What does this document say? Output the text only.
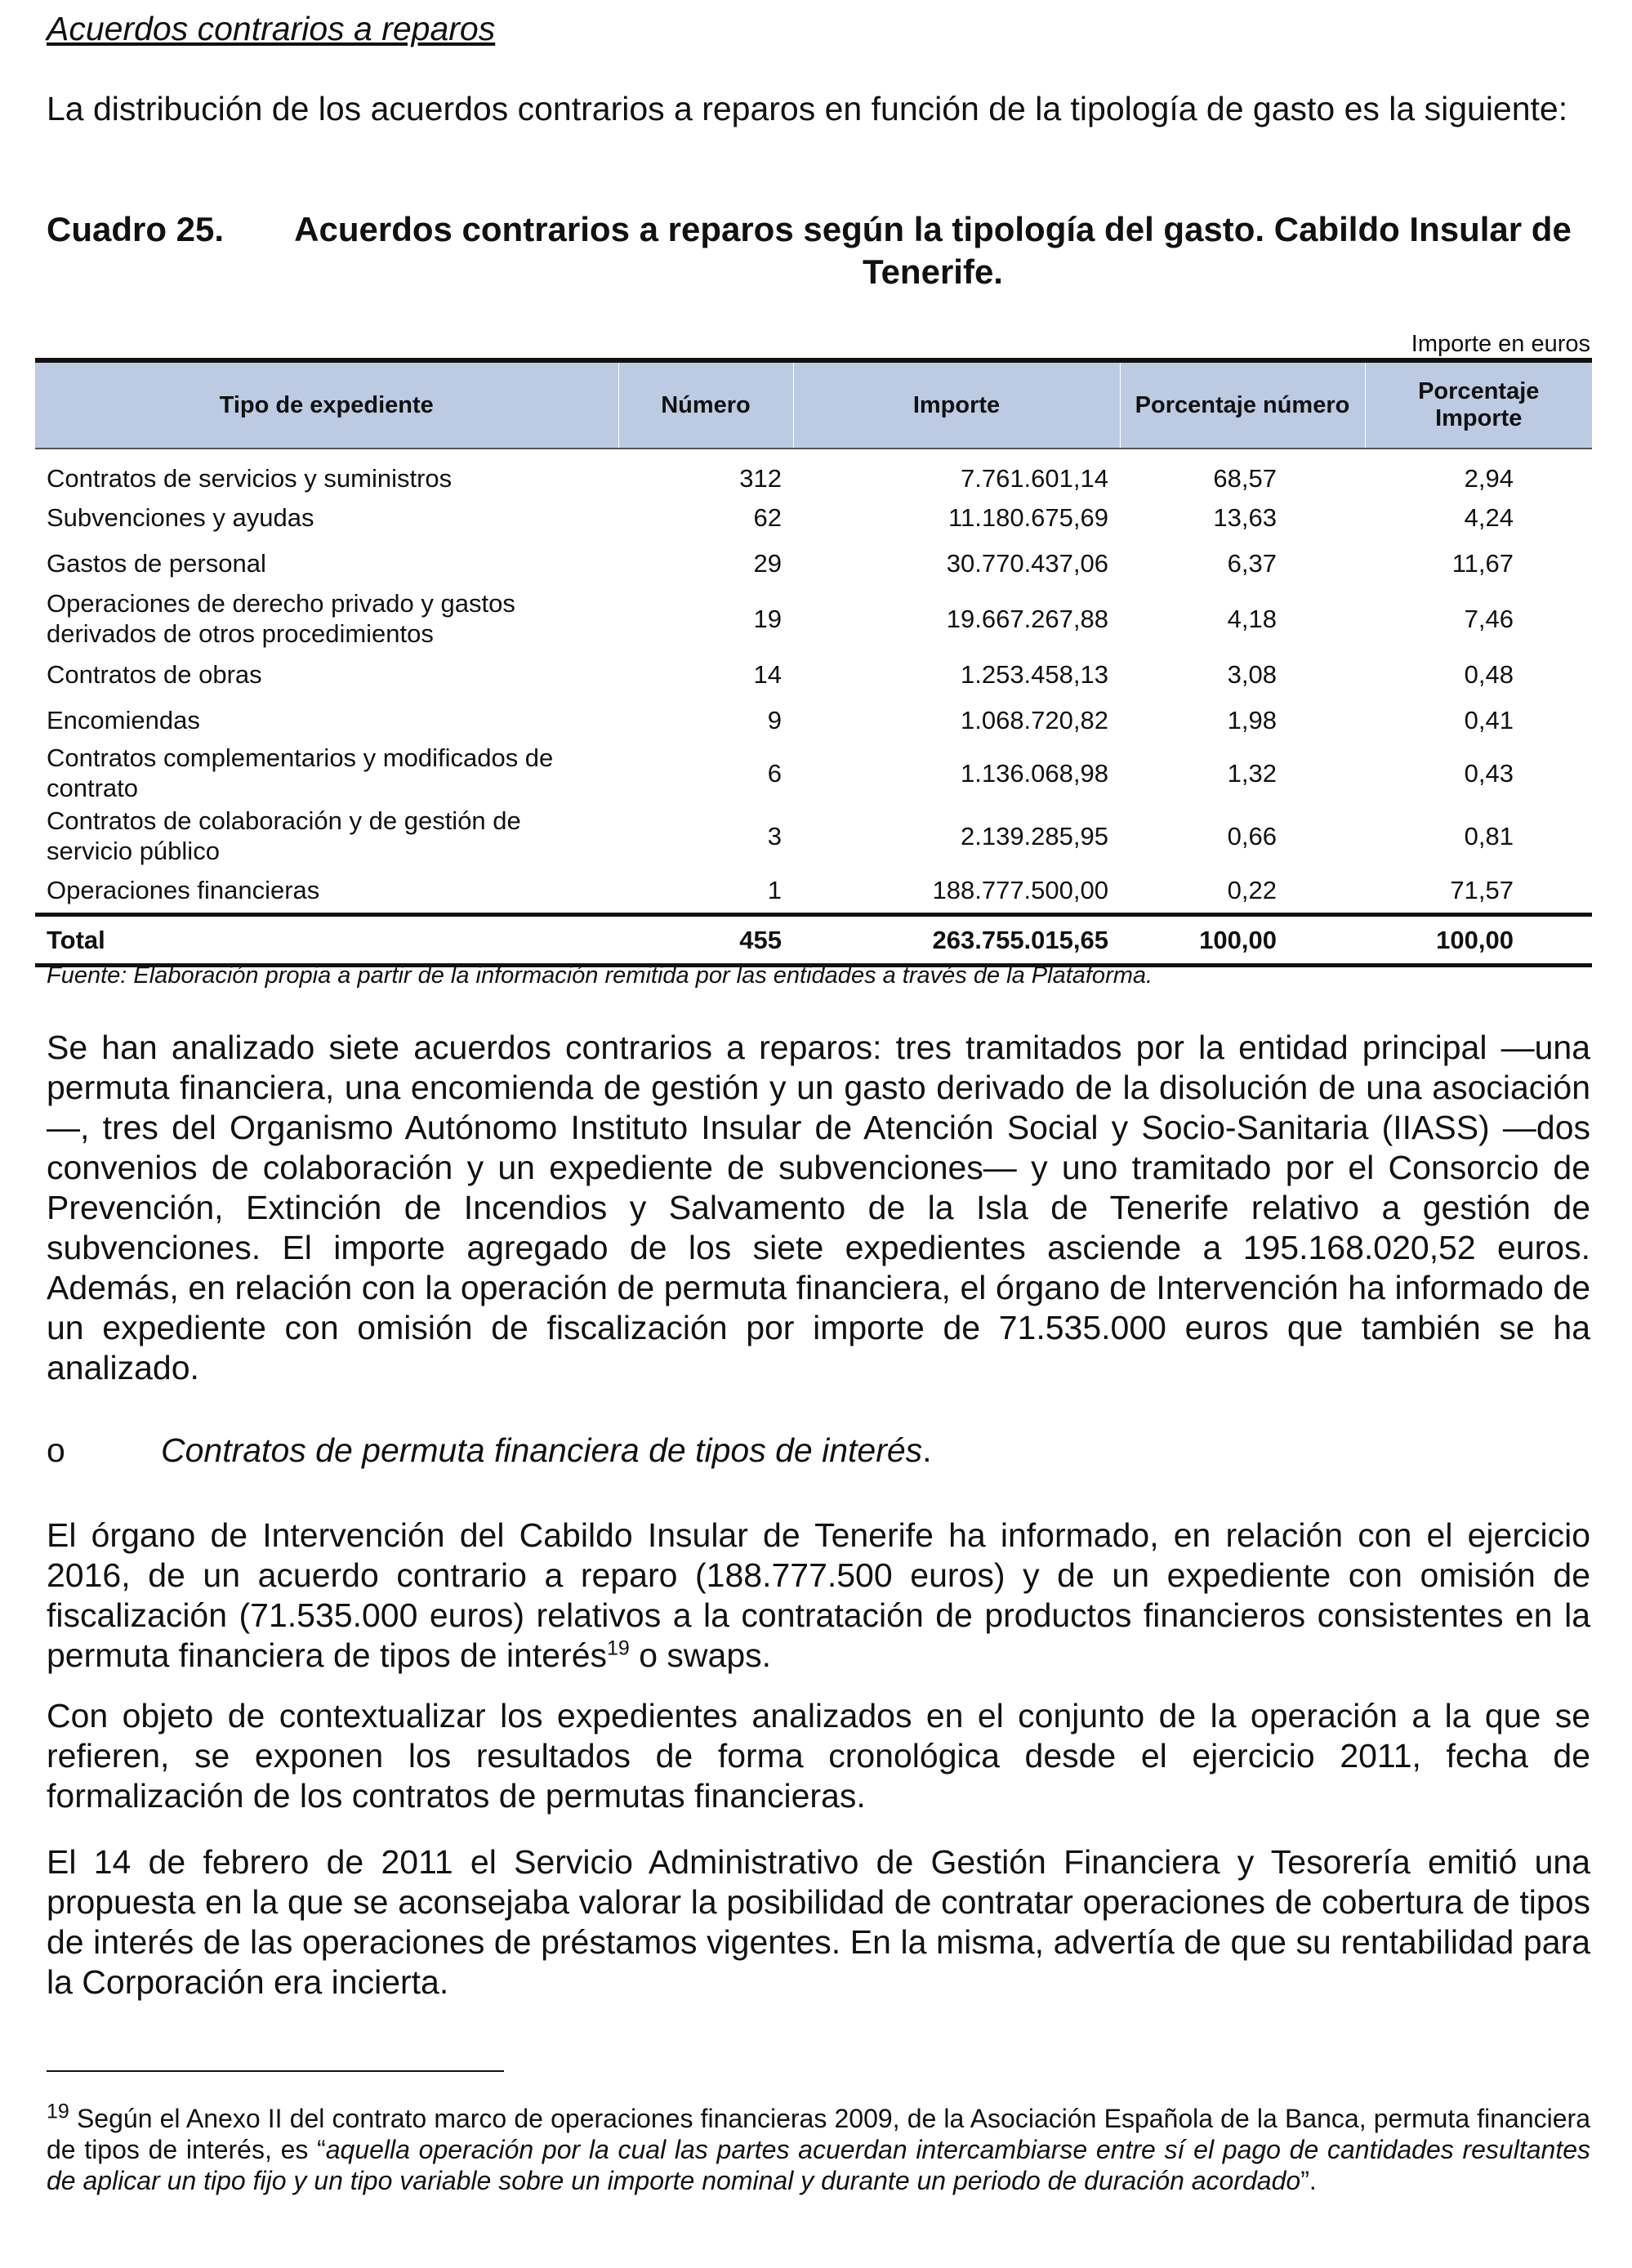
Acuerdos contrarios a reparos

La distribución de los acuerdos contrarios a reparos en función de la tipología de gasto es la siguiente:

Cuadro 25.	Acuerdos contrarios a reparos según la tipología del gasto. Cabildo Insular de Tenerife.
Importe en euros
Tipo de expediente	Número	Importe	Porcentaje número	Porcentaje Importe
Contratos de servicios y suministros	312	7.761.601,14	68,57	2,94
Subvenciones y ayudas	62	11.180.675,69	13,63	4,24
Gastos de personal	29	30.770.437,06	6,37	11,67
Operaciones de derecho privado y gastos derivados de otros procedimientos	19	19.667.267,88	4,18	7,46
Contratos de obras	14	1.253.458,13	3,08	0,48
Encomiendas	9	1.068.720,82	1,98	0,41
Contratos complementarios y modificados de contrato	6	1.136.068,98	1,32	0,43
Contratos de colaboración y de gestión de servicio público	3	2.139.285,95	0,66	0,81
Operaciones financieras	1	188.777.500,00	0,22	71,57
Total	455	263.755.015,65	100,00	100,00
Fuente: Elaboración propia a partir de la información remitida por las entidades a través de la Plataforma.

Se han analizado siete acuerdos contrarios a reparos: tres tramitados por la entidad principal —una permuta financiera, una encomienda de gestión y un gasto derivado de la disolución de una asociación—, tres del Organismo Autónomo Instituto Insular de Atención Social y Socio-Sanitaria (IIASS) —dos convenios de colaboración y un expediente de subvenciones— y uno tramitado por el Consorcio de Prevención, Extinción de Incendios y Salvamento de la Isla de Tenerife relativo a gestión de subvenciones. El importe agregado de los siete expedientes asciende a 195.168.020,52 euros. Además, en relación con la operación de permuta financiera, el órgano de Intervención ha informado de un expediente con omisión de fiscalización por importe de 71.535.000 euros que también se ha analizado.

o	Contratos de permuta financiera de tipos de interés.

El órgano de Intervención del Cabildo Insular de Tenerife ha informado, en relación con el ejercicio 2016, de un acuerdo contrario a reparo (188.777.500 euros) y de un expediente con omisión de fiscalización (71.535.000 euros) relativos a la contratación de productos financieros consistentes en la permuta financiera de tipos de interés$^{19}$ o swaps.

Con objeto de contextualizar los expedientes analizados en el conjunto de la operación a la que se refieren, se exponen los resultados de forma cronológica desde el ejercicio 2011, fecha de formalización de los contratos de permutas financieras.

El 14 de febrero de 2011 el Servicio Administrativo de Gestión Financiera y Tesorería emitió una propuesta en la que se aconsejaba valorar la posibilidad de contratar operaciones de cobertura de tipos de interés de las operaciones de préstamos vigentes. En la misma, advertía de que su rentabilidad para la Corporación era incierta.

$^{19}$ Según el Anexo II del contrato marco de operaciones financieras 2009, de la Asociación Española de la Banca, permuta financiera de tipos de interés, es “aquella operación por la cual las partes acuerdan intercambiarse entre sí el pago de cantidades resultantes de aplicar un tipo fijo y un tipo variable sobre un importe nominal y durante un periodo de duración acordado”.
